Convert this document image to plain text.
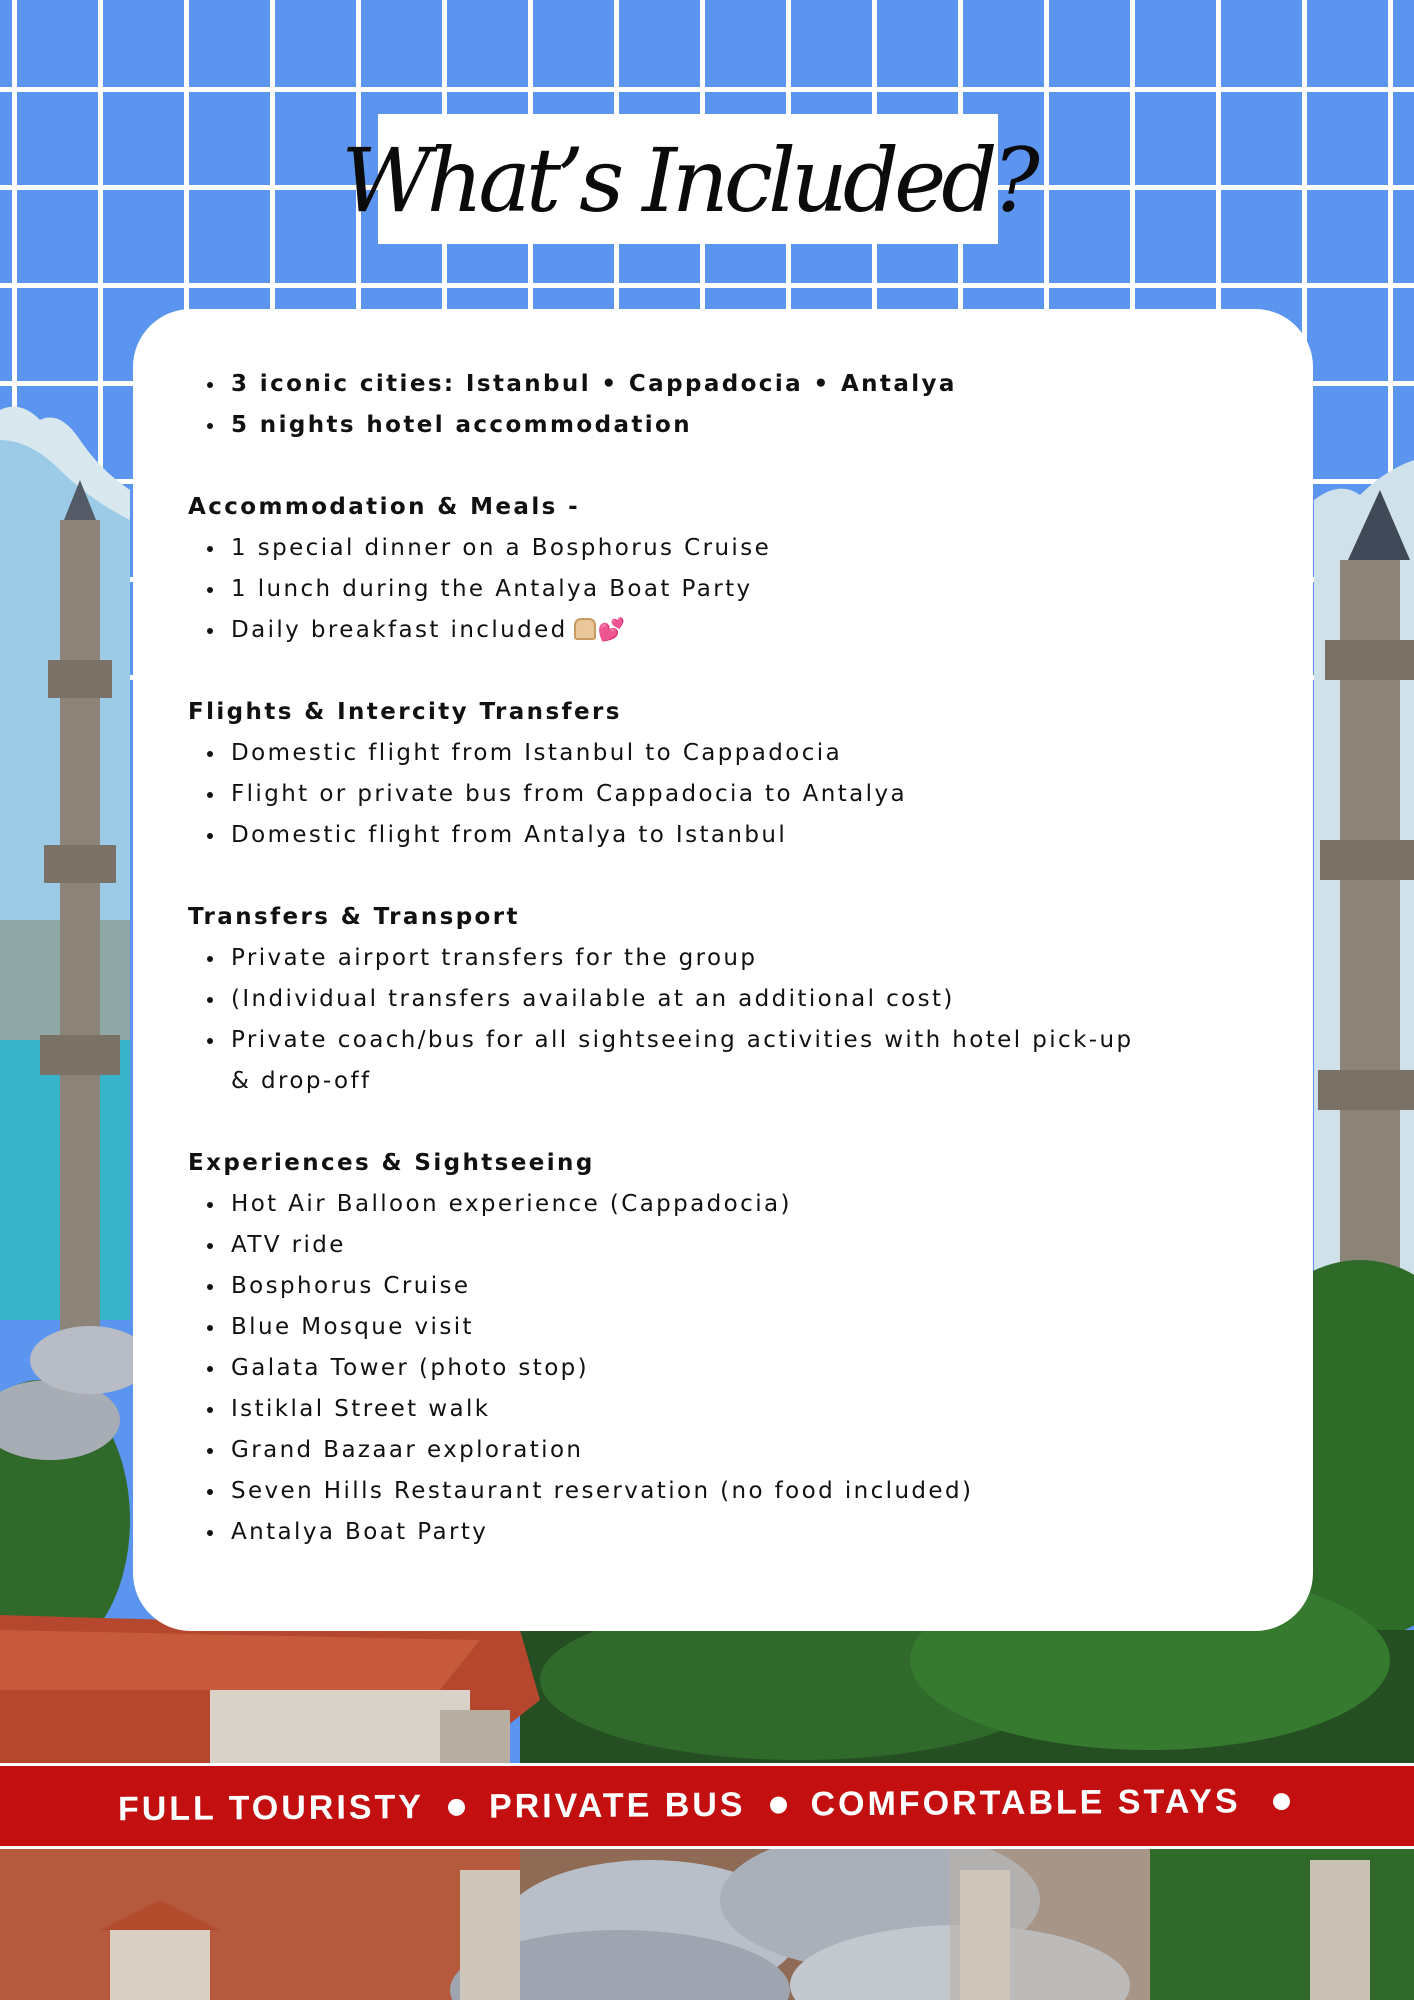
FULL TOURISTY PRIVATE BUS COMFORTABLE STAYS
What’s Included?
3 iconic cities: Istanbul • Cappadocia • Antalya
5 nights hotel accommodation
Accommodation & Meals -
1 special dinner on a Bosphorus Cruise
1 lunch during the Antalya Boat Party
Daily breakfast included 💕
Flights & Intercity Transfers
Domestic flight from Istanbul to Cappadocia
Flight or private bus from Cappadocia to Antalya
Domestic flight from Antalya to Istanbul
Transfers & Transport
Private airport transfers for the group
(Individual transfers available at an additional cost)
Private coach/bus for all sightseeing activities with hotel pick-up & drop-off
Experiences & Sightseeing
Hot Air Balloon experience (Cappadocia)
ATV ride
Bosphorus Cruise
Blue Mosque visit
Galata Tower (photo stop)
Istiklal Street walk
Grand Bazaar exploration
Seven Hills Restaurant reservation (no food included)
Antalya Boat Party
